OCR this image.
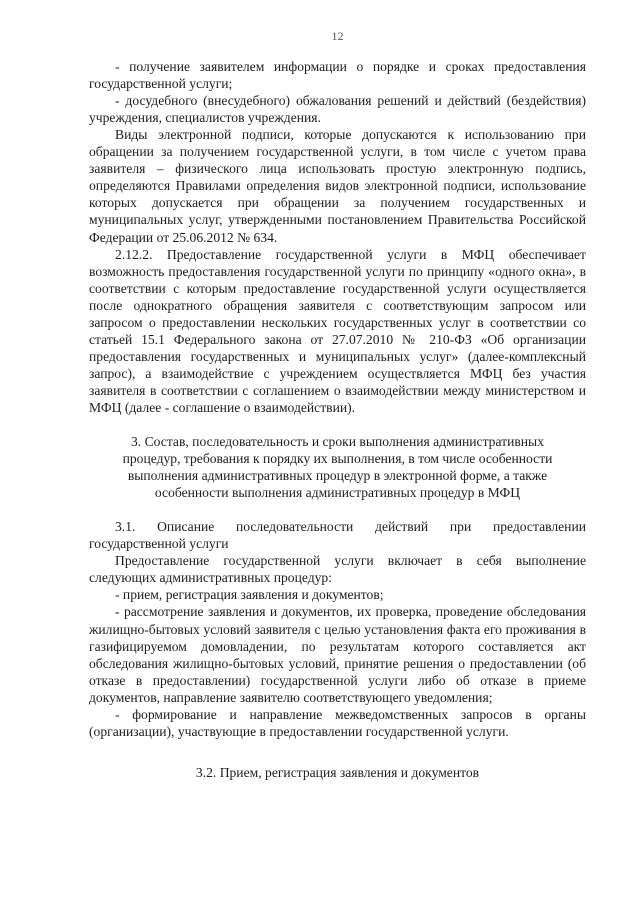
12

- получение заявителем информации о порядке и сроках предоставления государственной услуги;

- досудебного (внесудебного) обжалования решений и действий (бездействия) учреждения, специалистов учреждения.

Виды электронной подписи, которые допускаются к использованию при обращении за получением государственной услуги, в том числе с учетом права заявителя – физического лица использовать простую электронную подпись, определяются Правилами определения видов электронной подписи, использование которых допускается при обращении за получением государственных и муниципальных услуг, утвержденными постановлением Правительства Российской Федерации от 25.06.2012 № 634.

2.12.2. Предоставление государственной услуги в МФЦ обеспечивает возможность предоставления государственной услуги по принципу «одного окна», в соответствии с которым предоставление государственной услуги осуществляется после однократного обращения заявителя с соответствующим запросом или запросом о предоставлении нескольких государственных услуг в соответствии со статьей 15.1 Федерального закона от 27.07.2010 № 210-ФЗ «Об организации предоставления государственных и муниципальных услуг» (далее-комплексный запрос), а взаимодействие с учреждением осуществляется МФЦ без участия заявителя в соответствии с соглашением о взаимодействии между министерством и МФЦ (далее - соглашение о взаимодействии).

3. Состав, последовательность и сроки выполнения административных процедур, требования к порядку их выполнения, в том числе особенности выполнения административных процедур в электронной форме, а также особенности выполнения административных процедур в МФЦ

3.1. Описание последовательности действий при предоставлении государственной услуги

Предоставление государственной услуги включает в себя выполнение следующих административных процедур:

- прием, регистрация заявления и документов;

- рассмотрение заявления и документов, их проверка, проведение обследования жилищно-бытовых условий заявителя с целью установления факта его проживания в газифицируемом домовладении, по результатам которого составляется акт обследования жилищно-бытовых условий, принятие решения о предоставлении (об отказе в предоставлении) государственной услуги либо об отказе в приеме документов, направление заявителю соответствующего уведомления;

- формирование и направление межведомственных запросов в органы (организации), участвующие в предоставлении государственной услуги.

3.2. Прием, регистрация заявления и документов
